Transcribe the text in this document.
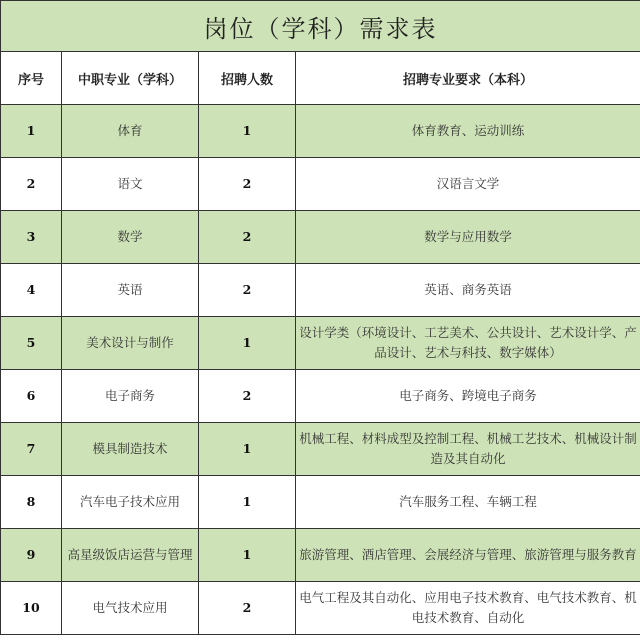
岗位（学科）需求表			
序号	中职专业（学科）	招聘人数	招聘专业要求（本科）
1	体育	1	体育教育、运动训练
2	语文	2	汉语言文学
3	数学	2	数学与应用数学
4	英语	2	英语、商务英语
5	美术设计与制作	1	设计学类（环境设计、工艺美术、公共设计、艺术设计学、产品设计、艺术与科技、数字媒体）
6	电子商务	2	电子商务、跨境电子商务
7	模具制造技术	1	机械工程、材料成型及控制工程、机械工艺技术、机械设计制造及其自动化
8	汽车电子技术应用	1	汽车服务工程、车辆工程
9	高星级饭店运营与管理	1	旅游管理、酒店管理、会展经济与管理、旅游管理与服务教育
10	电气技术应用	2	电气工程及其自动化、应用电子技术教育、电气技术教育、机电技术教育、自动化
